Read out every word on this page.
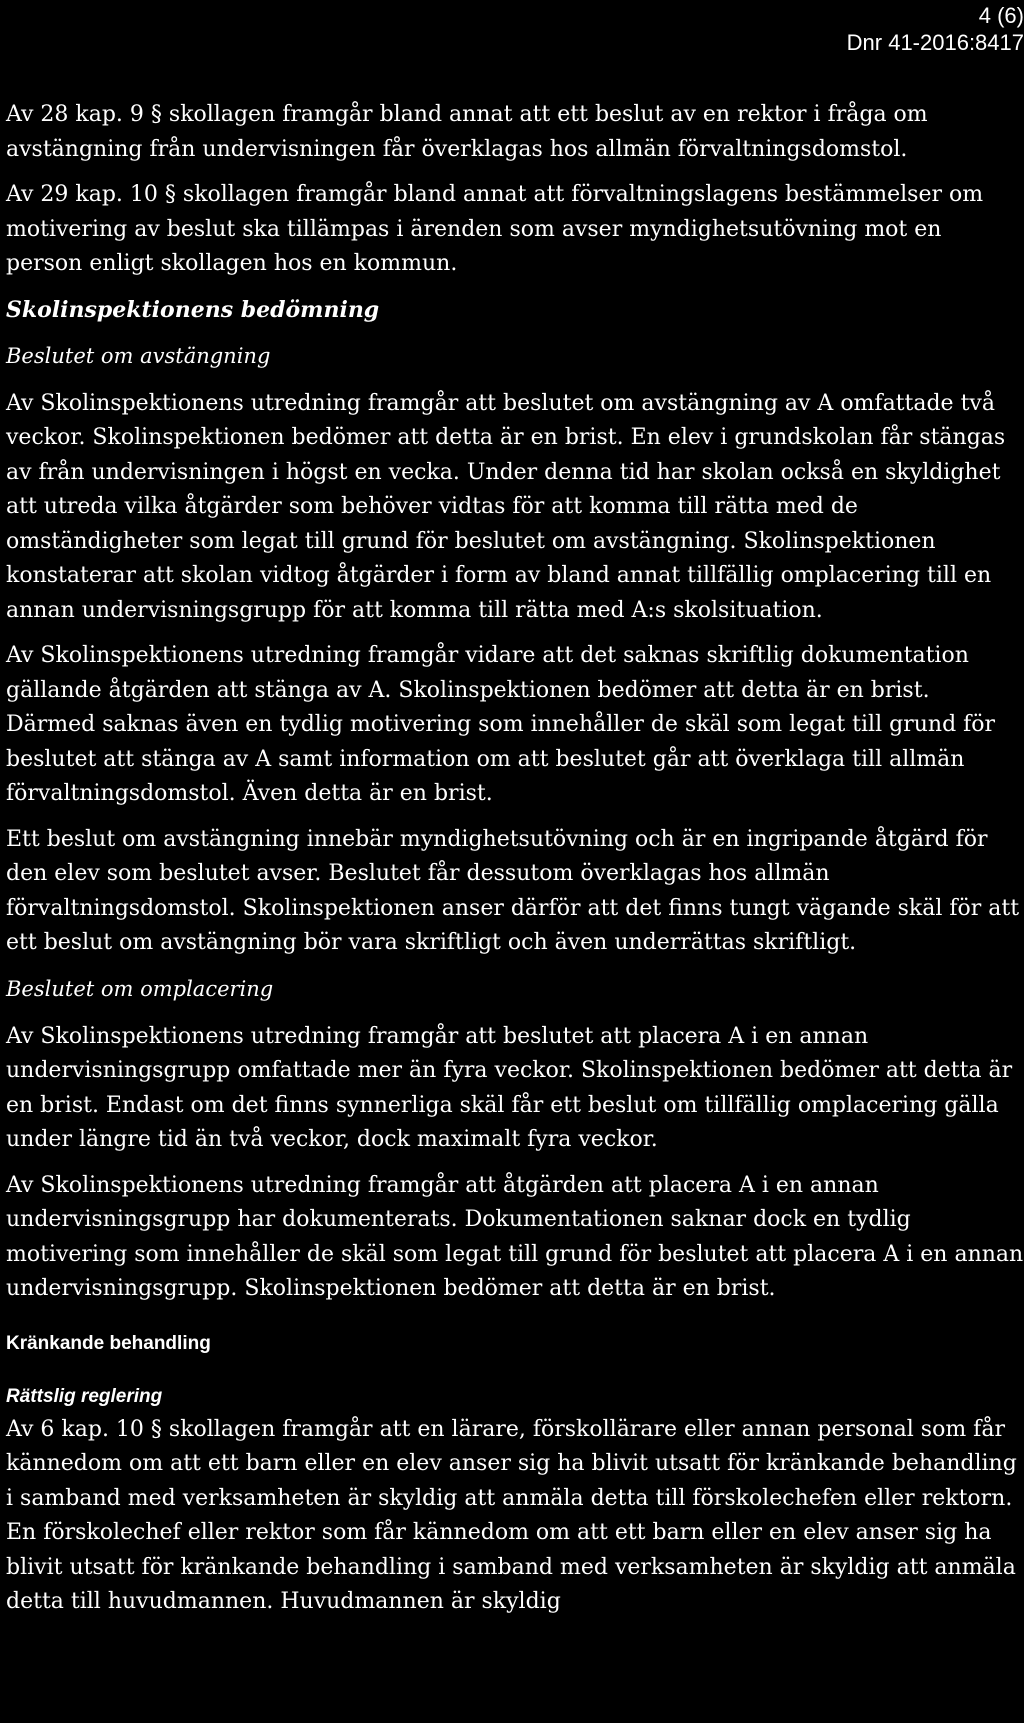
4 (6)
Dnr 41-2016:8417

Av 28 kap. 9 § skollagen framgår bland annat att ett beslut av en rektor i fråga om avstängning från undervisningen får överklagas hos allmän förvaltningsdomstol.

Av 29 kap. 10 § skollagen framgår bland annat att förvaltningslagens bestämmelser om motivering av beslut ska tillämpas i ärenden som avser myndighetsutövning mot en person enligt skollagen hos en kommun.

Skolinspektionens bedömning
Beslutet om avstängning

Av Skolinspektionens utredning framgår att beslutet om avstängning av A omfattade två veckor. Skolinspektionen bedömer att detta är en brist. En elev i grundskolan får stängas av från undervisningen i högst en vecka. Under denna tid har skolan också en skyldighet att utreda vilka åtgärder som behöver vidtas för att komma till rätta med de omständigheter som legat till grund för beslutet om avstängning. Skolinspektionen konstaterar att skolan vidtog åtgärder i form av bland annat tillfällig omplacering till en annan undervisningsgrupp för att komma till rätta med A:s skolsituation.

Av Skolinspektionens utredning framgår vidare att det saknas skriftlig dokumentation gällande åtgärden att stänga av A. Skolinspektionen bedömer att detta är en brist. Därmed saknas även en tydlig motivering som innehåller de skäl som legat till grund för beslutet att stänga av A samt information om att beslutet går att överklaga till allmän förvaltningsdomstol. Även detta är en brist.

Ett beslut om avstängning innebär myndighetsutövning och är en ingripande åtgärd för den elev som beslutet avser. Beslutet får dessutom överklagas hos allmän förvaltningsdomstol. Skolinspektionen anser därför att det finns tungt vägande skäl för att ett beslut om avstängning bör vara skriftligt och även underrättas skriftligt.

Beslutet om omplacering

Av Skolinspektionens utredning framgår att beslutet att placera A i en annan undervisningsgrupp omfattade mer än fyra veckor. Skolinspektionen bedömer att detta är en brist. Endast om det finns synnerliga skäl får ett beslut om tillfällig omplacering gälla under längre tid än två veckor, dock maximalt fyra veckor.

Av Skolinspektionens utredning framgår att åtgärden att placera A i en annan undervisningsgrupp har dokumenterats. Dokumentationen saknar dock en tydlig motivering som innehåller de skäl som legat till grund för beslutet att placera A i en annan undervisningsgrupp. Skolinspektionen bedömer att detta är en brist.

Kränkande behandling
Rättslig reglering

Av 6 kap. 10 § skollagen framgår att en lärare, förskollärare eller annan personal som får kännedom om att ett barn eller en elev anser sig ha blivit utsatt för kränkande behandling i samband med verksamheten är skyldig att anmäla detta till förskolechefen eller rektorn. En förskolechef eller rektor som får kännedom om att ett barn eller en elev anser sig ha blivit utsatt för kränkande behandling i samband med verksamheten är skyldig att anmäla detta till huvudmannen. Huvudmannen är skyldig
